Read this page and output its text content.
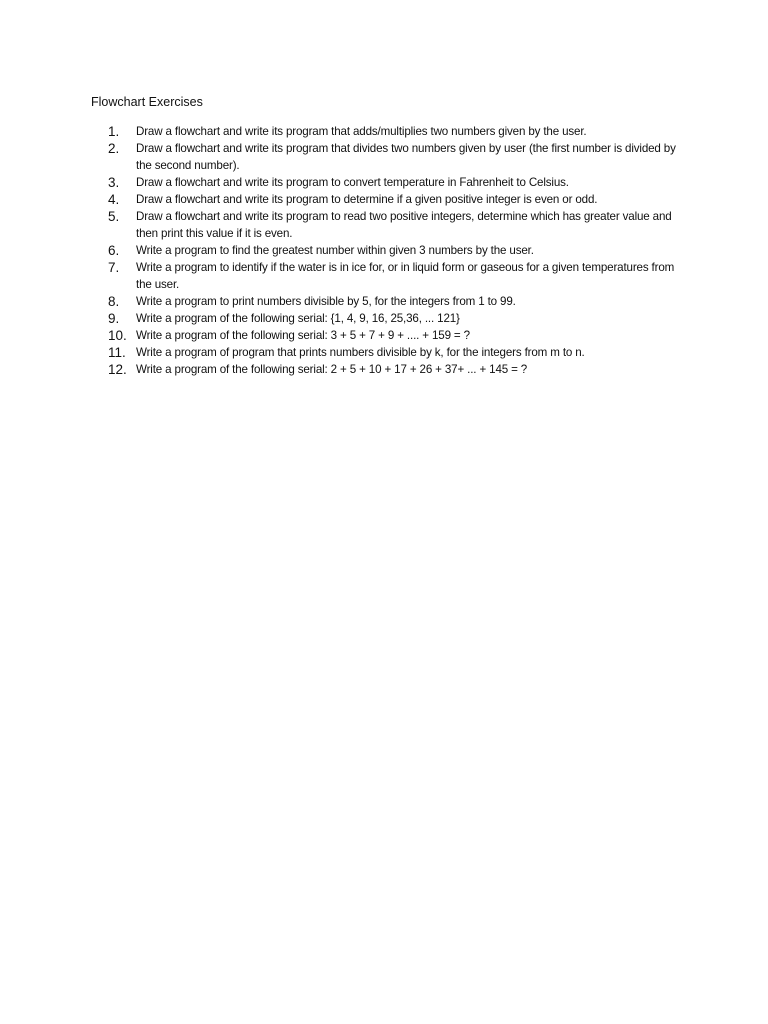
Flowchart Exercises
1.	Draw a flowchart and write its program that adds/multiplies two numbers given by the user.
2.	Draw a flowchart and write its program that divides two numbers given by user (the first number is divided by the second number).
3.	Draw a flowchart and write its program to convert temperature in Fahrenheit to Celsius.
4.	Draw a flowchart and write its program to determine if a given positive integer is even or odd.
5.	Draw a flowchart and write its program to read two positive integers, determine which has greater value and then print this value if it is even.
6.	Write a program to find the greatest number within given 3 numbers by the user.
7.	Write a program to identify if the water is in ice for, or in liquid form or gaseous for a given temperatures from the user.
8.	Write a program to print numbers divisible by 5, for the integers from 1 to 99.
9.	Write a program of the following serial: {1, 4, 9, 16, 25,36, ... 121}
10. Write a program of the following serial: 3 + 5 + 7 + 9 + .... + 159 = ?
11. Write a program of program that prints numbers divisible by k, for the integers from m to n.
12. Write a program of the following serial: 2 + 5 + 10 + 17 + 26 + 37+ ... + 145 = ?
